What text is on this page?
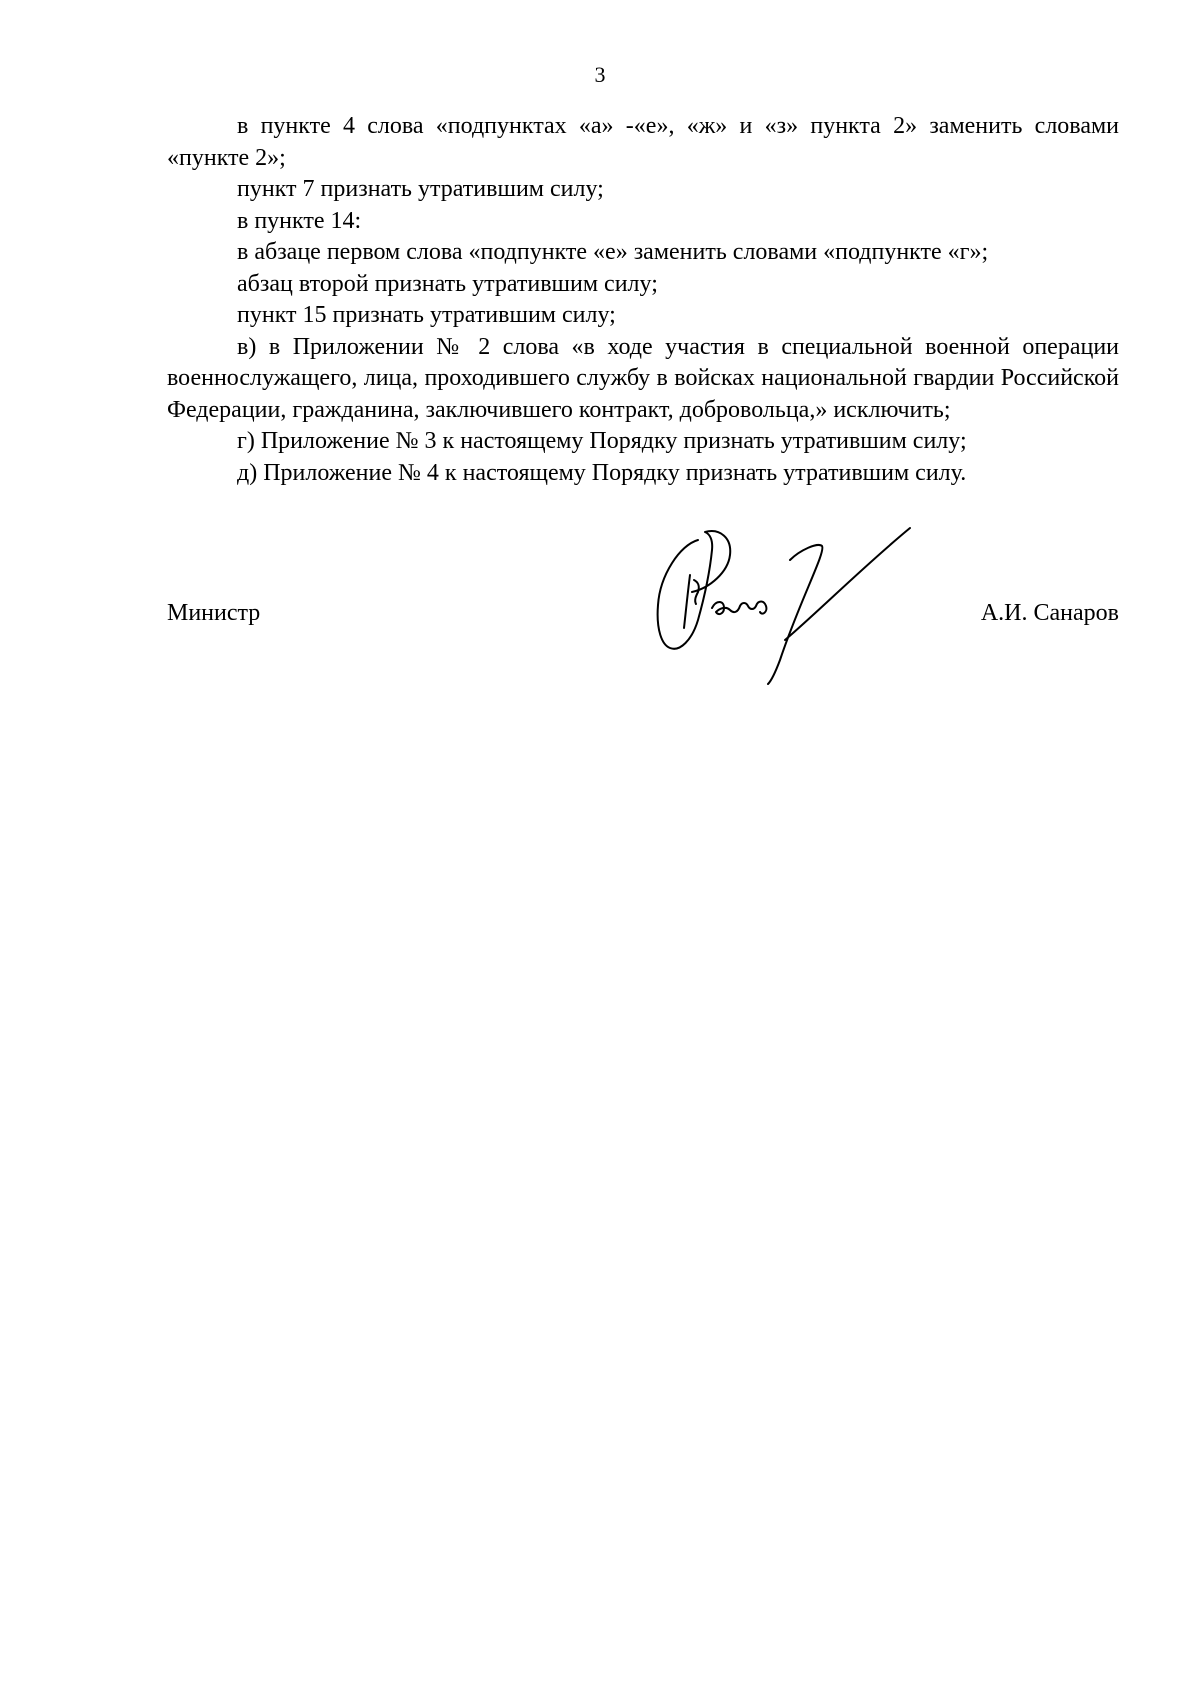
3

в пункте 4 слова «подпунктах «а» -«е», «ж» и «з» пункта 2» заменить словами «пункте 2»;

пункт 7 признать утратившим силу;

в пункте 14:

в абзаце первом слова «подпункте «е» заменить словами «подпункте «г»;

абзац второй признать утратившим силу;

пункт 15 признать утратившим силу;

в) в Приложении № 2 слова «в ходе участия в специальной военной операции военнослужащего, лица, проходившего службу в войсках национальной гвардии Российской Федерации, гражданина, заключившего контракт, добровольца,» исключить;

г) Приложение № 3 к настоящему Порядку признать утратившим силу;

д) Приложение № 4 к настоящему Порядку признать утратившим силу.

Министр	А.И. Санаров
